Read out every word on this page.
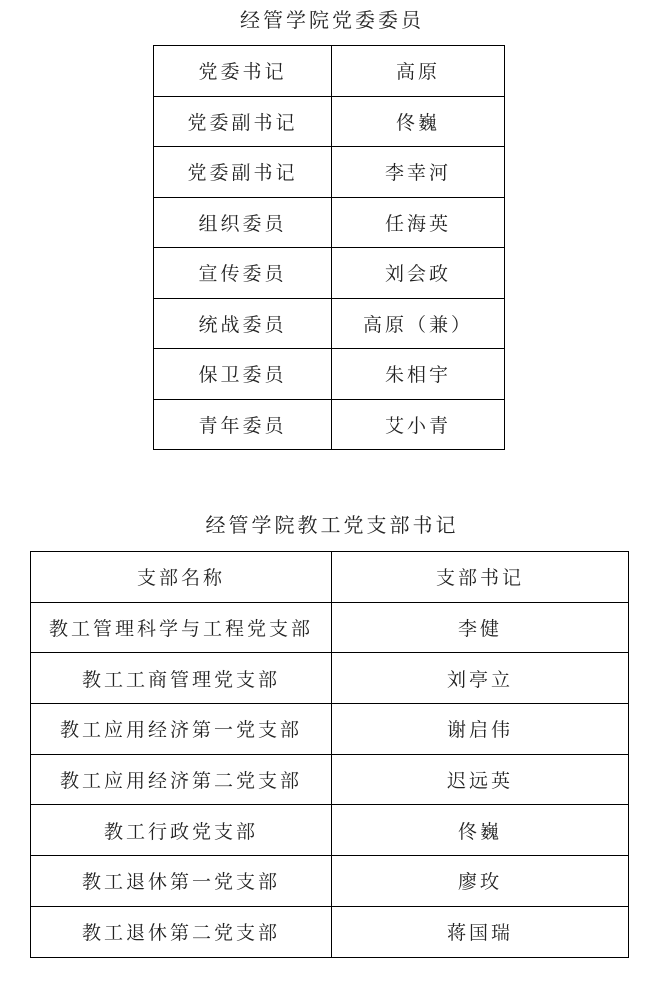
经管学院党委委员
党委书记	高原
党委副书记	佟巍
党委副书记	李幸河
组织委员	任海英
宣传委员	刘会政
统战委员	高原（兼）
保卫委员	朱相宇
青年委员	艾小青
经管学院教工党支部书记
支部名称	支部书记
教工管理科学与工程党支部	李健
教工工商管理党支部	刘亭立
教工应用经济第一党支部	谢启伟
教工应用经济第二党支部	迟远英
教工行政党支部	佟巍
教工退休第一党支部	廖玫
教工退休第二党支部	蒋国瑞
